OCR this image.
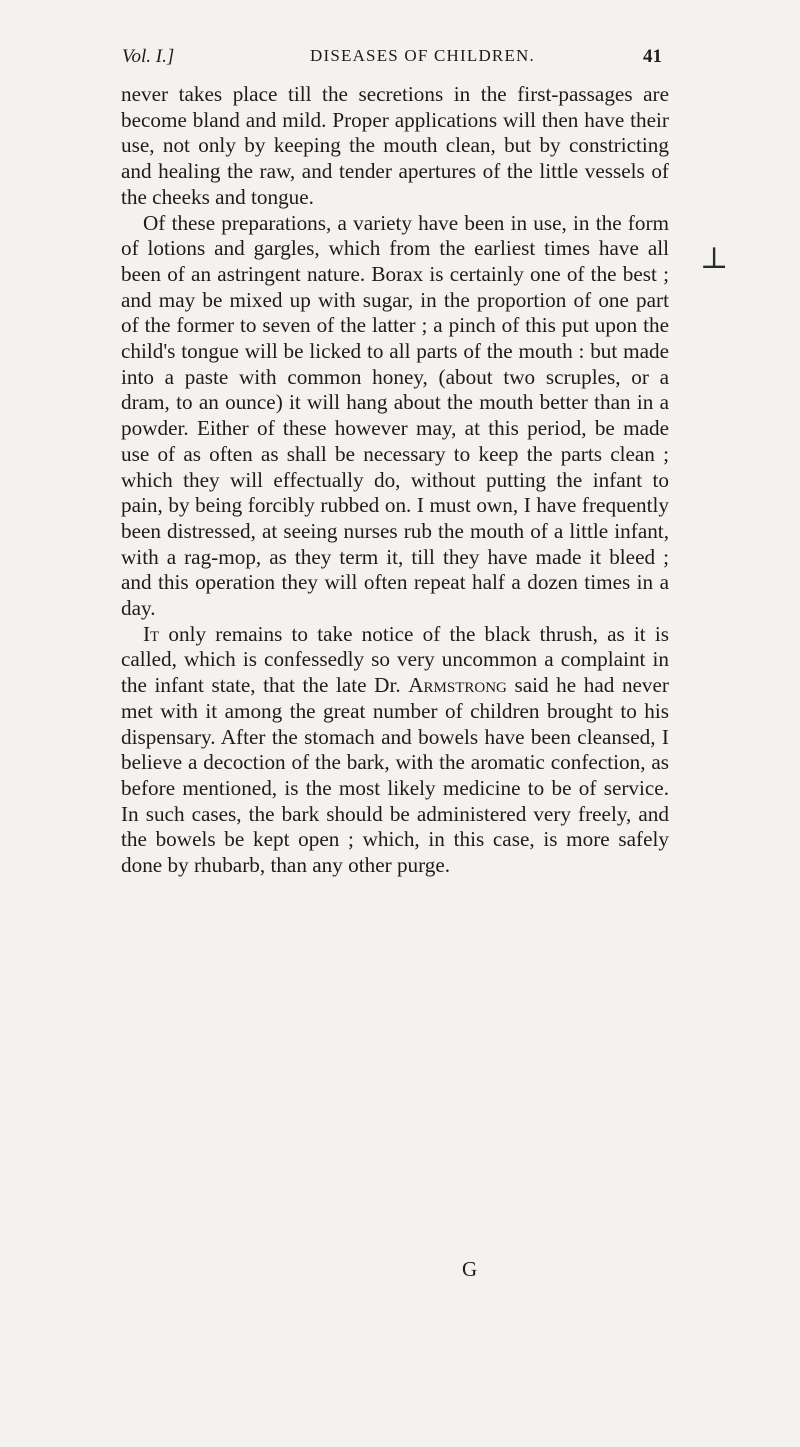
Vol. I.]	DISEASES OF CHILDREN.	41

never takes place till the secretions in the first-passages are become bland and mild. Proper applications will then have their use, not only by keeping the mouth clean, but by constricting and healing the raw, and tender apertures of the little vessels of the cheeks and tongue.

Of these preparations, a variety have been in use, in the form of lotions and gargles, which from the earliest times have all been of an astringent nature. Borax is certainly one of the best ; and may be mixed up with sugar, in the proportion of one part of the former to seven of the latter ; a pinch of this put upon the child's tongue will be licked to all parts of the mouth : but made into a paste with common honey, (about two scruples, or a dram, to an ounce) it will hang about the mouth better than in a powder. Either of these however may, at this period, be made use of as often as shall be necessary to keep the parts clean ; which they will effectually do, without putting the infant to pain, by being forcibly rubbed on. I must own, I have frequently been distressed, at seeing nurses rub the mouth of a little infant, with a rag-mop, as they term it, till they have made it bleed ; and this operation they will often repeat half a dozen times in a day.

It only remains to take notice of the black thrush, as it is called, which is confessedly so very uncommon a complaint in the infant state, that the late Dr. Armstrong said he had never met with it among the great number of children brought to his dispensary. After the stomach and bowels have been cleansed, I believe a decoction of the bark, with the aromatic confection, as before mentioned, is the most likely medicine to be of service. In such cases, the bark should be administered very freely, and the bowels be kept open ; which, in this case, is more safely done by rhubarb, than any other purge.

G
⊥
